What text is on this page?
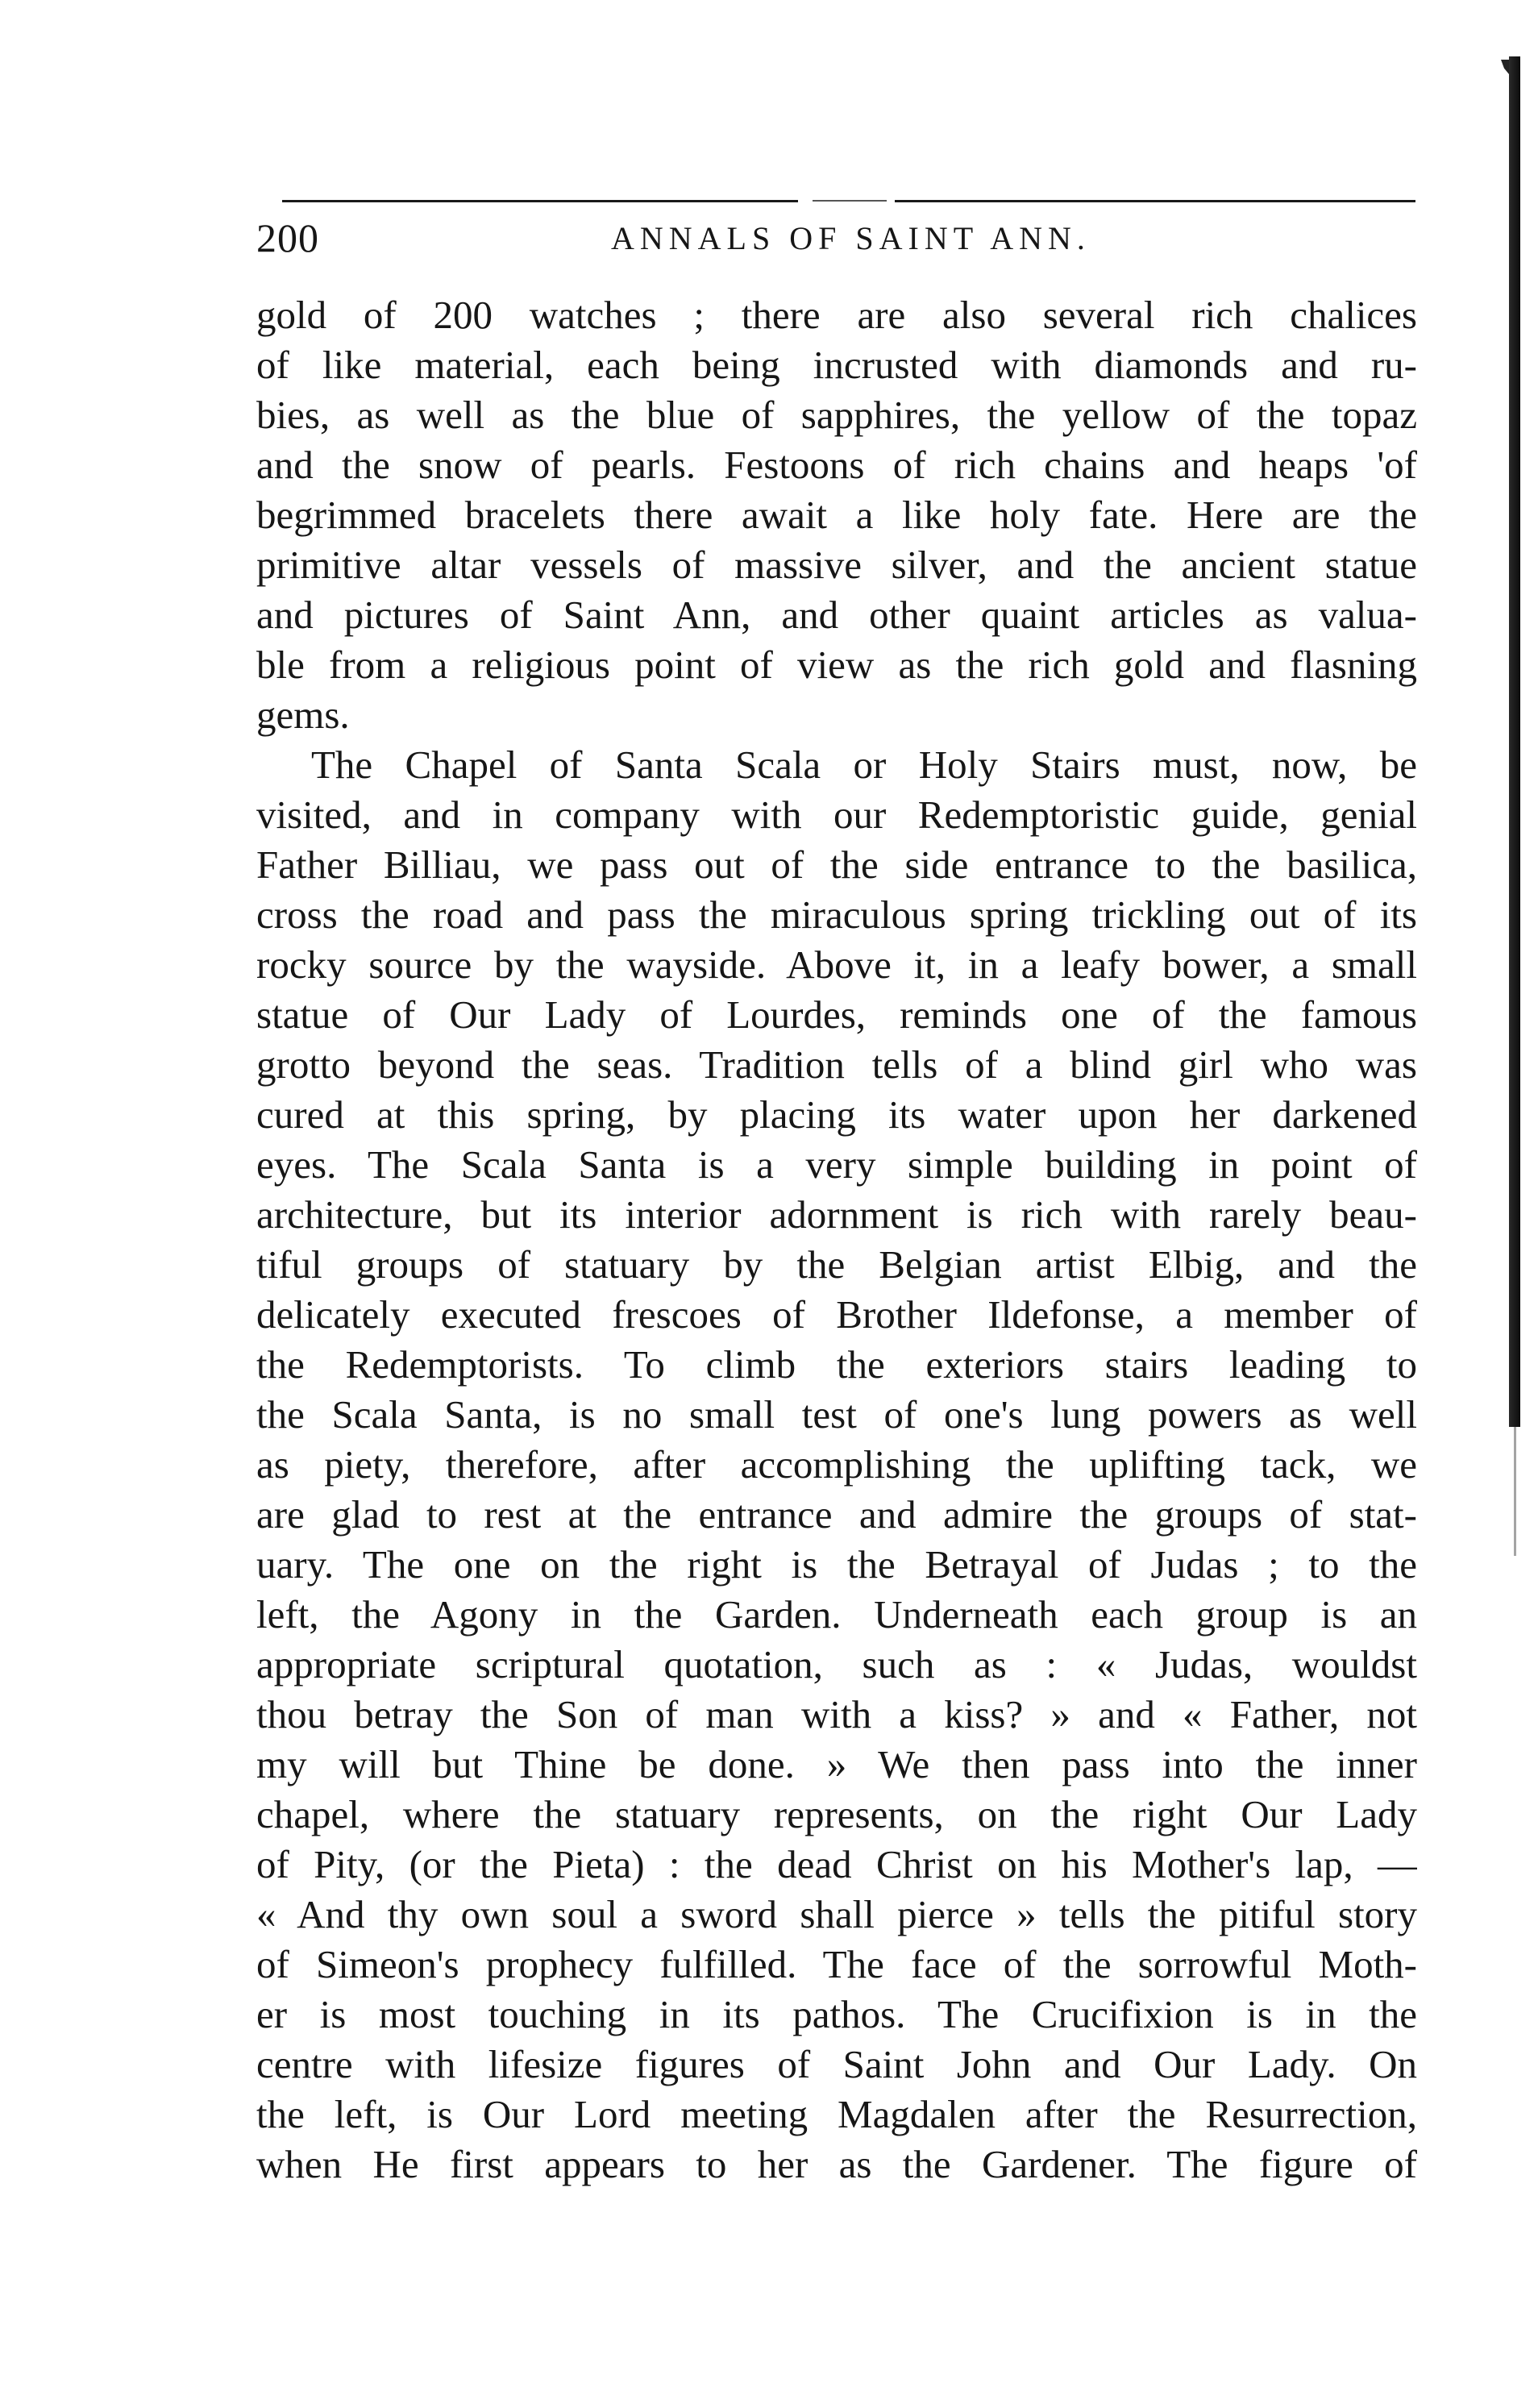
200	ANNALS OF SAINT ANN.
gold of 200 watches ; there are also several rich chalices
of like material, each being incrusted with diamonds and ru-
bies, as well as the blue of sapphires, the yellow of the topaz
and the snow of pearls. Festoons of rich chains and heaps 'of
begrimmed bracelets there await a like holy fate. Here are the
primitive altar vessels of massive silver, and the ancient statue
and pictures of Saint Ann, and other quaint articles as valua-
ble from a religious point of view as the rich gold and flasning
gems.
The Chapel of Santa Scala or Holy Stairs must, now, be
visited, and in company with our Redemptoristic guide, genial
Father Billiau, we pass out of the side entrance to the basilica,
cross the road and pass the miraculous spring trickling out of its
rocky source by the wayside. Above it, in a leafy bower, a small
statue of Our Lady of Lourdes, reminds one of the famous
grotto beyond the seas. Tradition tells of a blind girl who was
cured at this spring, by placing its water upon her darkened
eyes. The Scala Santa is a very simple building in point of
architecture, but its interior adornment is rich with rarely beau-
tiful groups of statuary by the Belgian artist Elbig, and the
delicately executed frescoes of Brother Ildefonse, a member of
the Redemptorists. To climb the exteriors stairs leading to
the Scala Santa, is no small test of one's lung powers as well
as piety, therefore, after accomplishing the uplifting tack, we
are glad to rest at the entrance and admire the groups of stat-
uary. The one on the right is the Betrayal of Judas ; to the
left, the Agony in the Garden. Underneath each group is an
appropriate scriptural quotation, such as : « Judas, wouldst
thou betray the Son of man with a kiss? » and « Father, not
my will but Thine be done. » We then pass into the inner
chapel, where the statuary represents, on the right Our Lady
of Pity, (or the Pieta) : the dead Christ on his Mother's lap, —
« And thy own soul a sword shall pierce » tells the pitiful story
of Simeon's prophecy fulfilled. The face of the sorrowful Moth-
er is most touching in its pathos. The Crucifixion is in the
centre with lifesize figures of Saint John and Our Lady. On
the left, is Our Lord meeting Magdalen after the Resurrection,
when He first appears to her as the Gardener. The figure of
